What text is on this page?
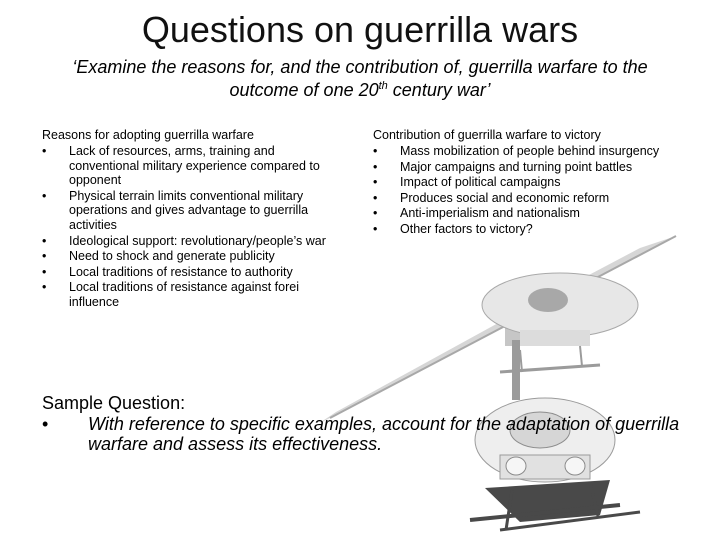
Questions on guerrilla wars
‘Examine the reasons for, and the contribution of, guerrilla warfare to the outcome of one 20th century war’
Reasons for adopting guerrilla warfare
• Lack of resources, arms, training and conventional military experience compared to opponent
• Physical terrain limits conventional military operations and gives advantage to guerrilla activities
• Ideological support: revolutionary/people’s war
• Need to shock and generate publicity
• Local traditions of resistance to authority
• Local traditions of resistance against forei influence
Contribution of guerrilla warfare to victory
• Mass mobilization of people behind insurgency
• Major campaigns and turning point battles
• Impact of political campaigns
• Produces social and economic reform
• Anti-imperialism and nationalism
• Other factors to victory?
Sample Question:
• With reference to specific examples, account for the adaptation of guerrilla warfare and assess its effectiveness.
